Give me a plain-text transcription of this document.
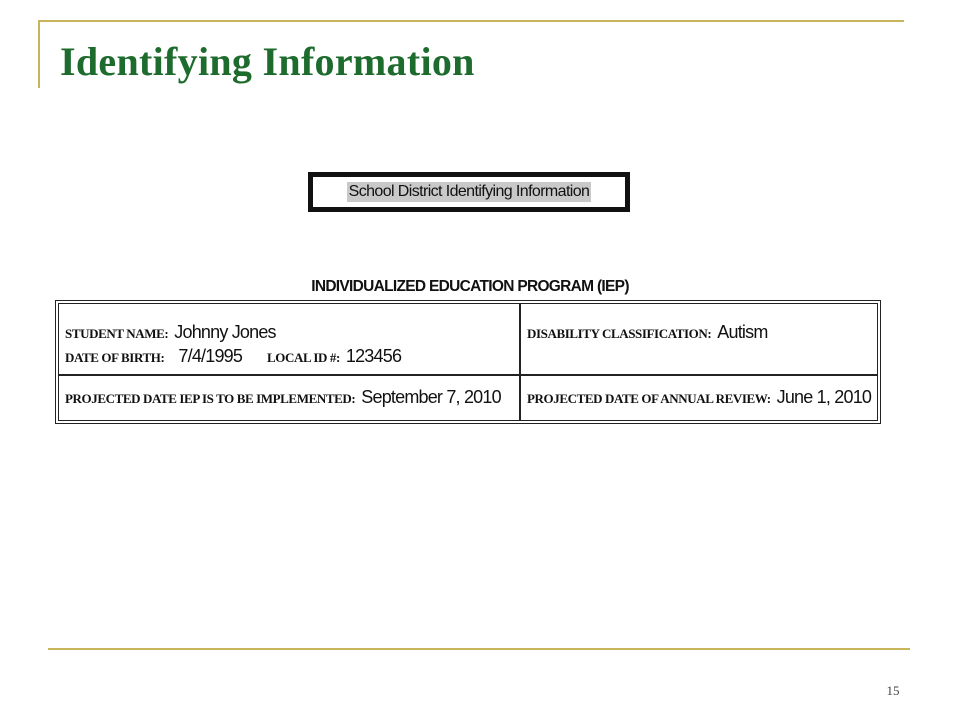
Identifying Information
School District Identifying Information
INDIVIDUALIZED EDUCATION PROGRAM (IEP)
STUDENT NAME: Johnny Jones
DATE OF BIRTH: 7/4/1995 LOCAL ID #: 123456
DISABILITY CLASSIFICATION: Autism
PROJECTED DATE IEP IS TO BE IMPLEMENTED: September 7, 2010 PROJECTED DATE OF ANNUAL REVIEW: June 1, 2010
15
